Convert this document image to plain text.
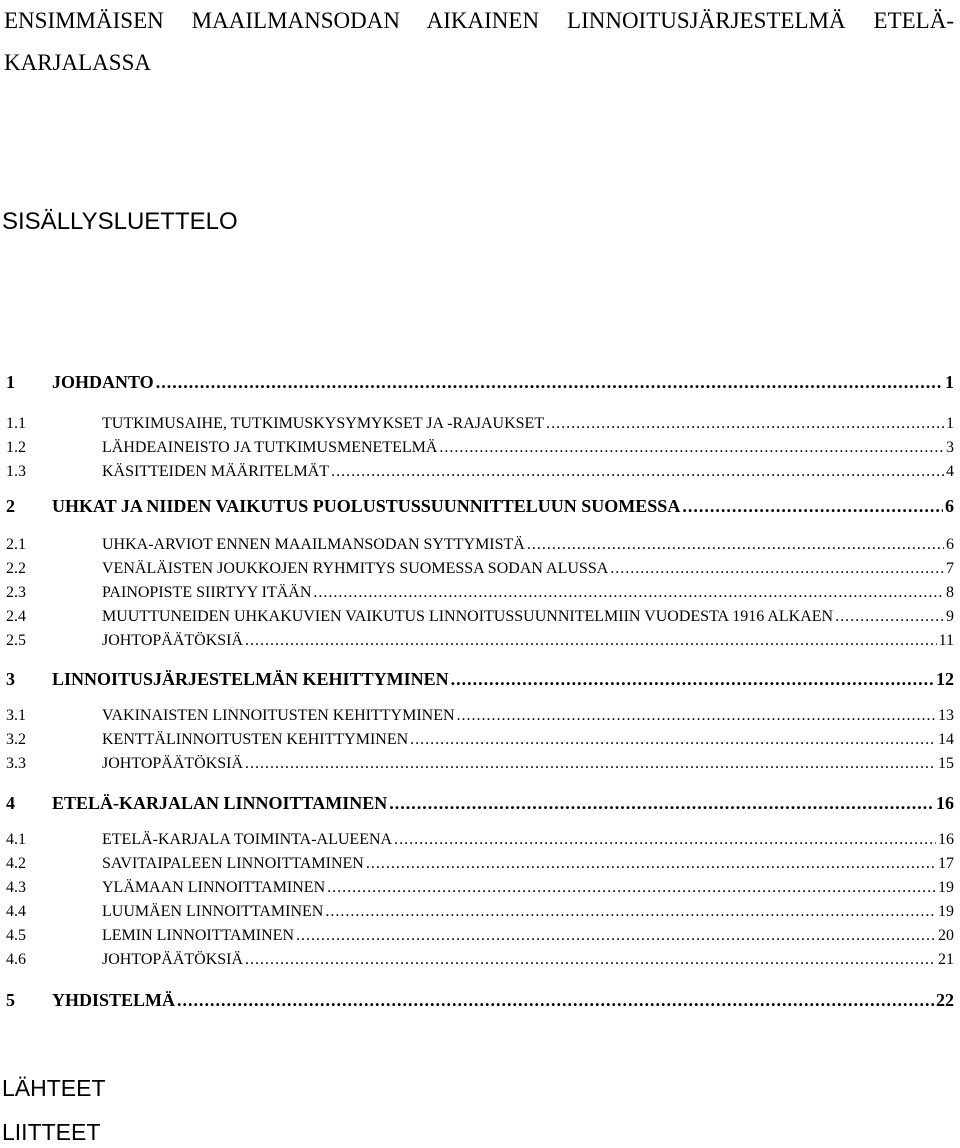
ENSIMMÄISEN MAAILMANSODAN AIKAINEN LINNOITUSJÄRJESTELMÄ ETELÄ-KARJALASSA
SISÄLLYSLUETTELO
1	JOHDANTO .....	1
1.1	TUTKIMUSAIHE, TUTKIMUSKYSYMYKSET JA -RAJAUKSET .....	1
1.2	LÄHDEAINEISTO JA TUTKIMUSMENETELMÄ .....	3
1.3	KÄSITTEIDEN MÄÄRITELMÄT .....	4
2	UHKAT JA NIIDEN VAIKUTUS PUOLUSTUSSUUNNITTELUUN SUOMESSA .....	6
2.1	UHKA-ARVIOT ENNEN MAAILMANSODAN SYTTYMISTÄ .....	6
2.2	VENÄLÄISTEN JOUKKOJEN RYHMITYS SUOMESSA SODAN ALUSSA .....	7
2.3	PAINOPISTE SIIRTYY ITÄÄN .....	8
2.4	MUUTTUNEIDEN UHKAKUVIEN VAIKUTUS LINNOITUSSUUNNITELMIIN VUODESTA 1916 ALKAEN .....	9
2.5	JOHTOPÄÄTÖKSIÄ .....	11
3	LINNOITUSJÄRJESTELMÄN KEHITTYMINEN .....	12
3.1	VAKINAISTEN LINNOITUSTEN KEHITTYMINEN .....	13
3.2	KENTTÄLINNOITUSTEN KEHITTYMINEN .....	14
3.3	JOHTOPÄÄTÖKSIÄ .....	15
4	ETELÄ-KARJALAN LINNOITTAMINEN .....	16
4.1	ETELÄ-KARJALA TOIMINTA-ALUEENA .....	16
4.2	SAVITAIPALEEN LINNOITTAMINEN .....	17
4.3	YLÄMAAN LINNOITTAMINEN .....	19
4.4	LUUMÄEN LINNOITTAMINEN .....	19
4.5	LEMIN LINNOITTAMINEN .....	20
4.6	JOHTOPÄÄTÖKSIÄ .....	21
5	YHDISTELMÄ .....	22
LÄHTEET
LIITTEET
